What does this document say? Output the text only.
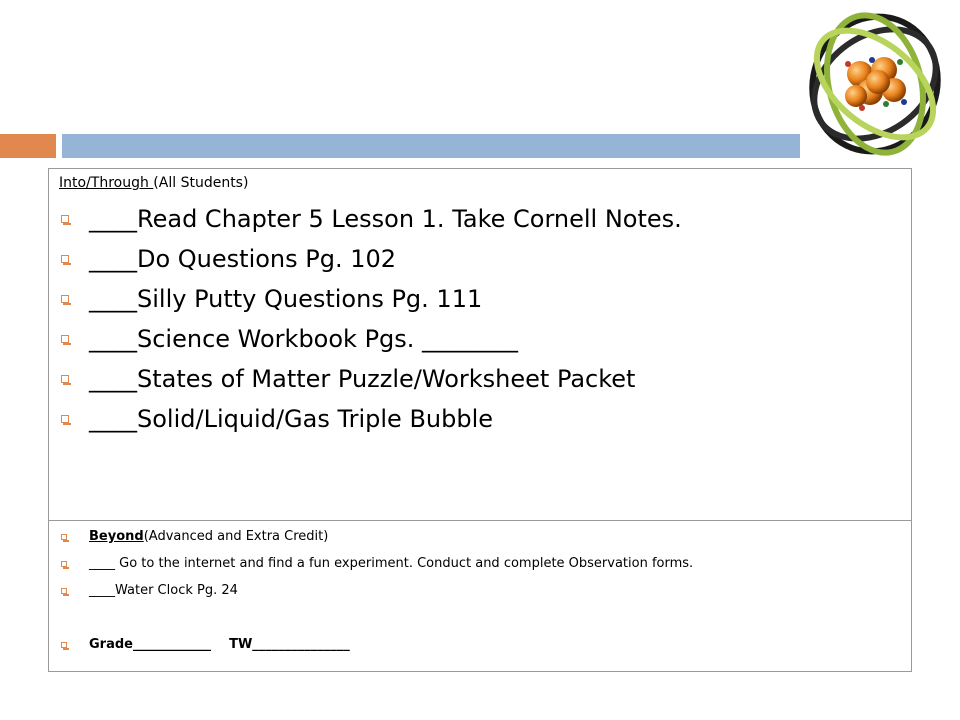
Into/Through (All Students)
____Read Chapter 5 Lesson 1. Take Cornell Notes.
____Do Questions Pg. 102
____Silly Putty Questions Pg. 111
____Science Workbook Pgs. ________
____States of Matter Puzzle/Worksheet Packet
____Solid/Liquid/Gas Triple Bubble
Beyond (Advanced and Extra Credit)
____ Go to the internet and find a fun experiment. Conduct and complete Observation forms.
____Water Clock Pg. 24
Grade____________    TW_______________
